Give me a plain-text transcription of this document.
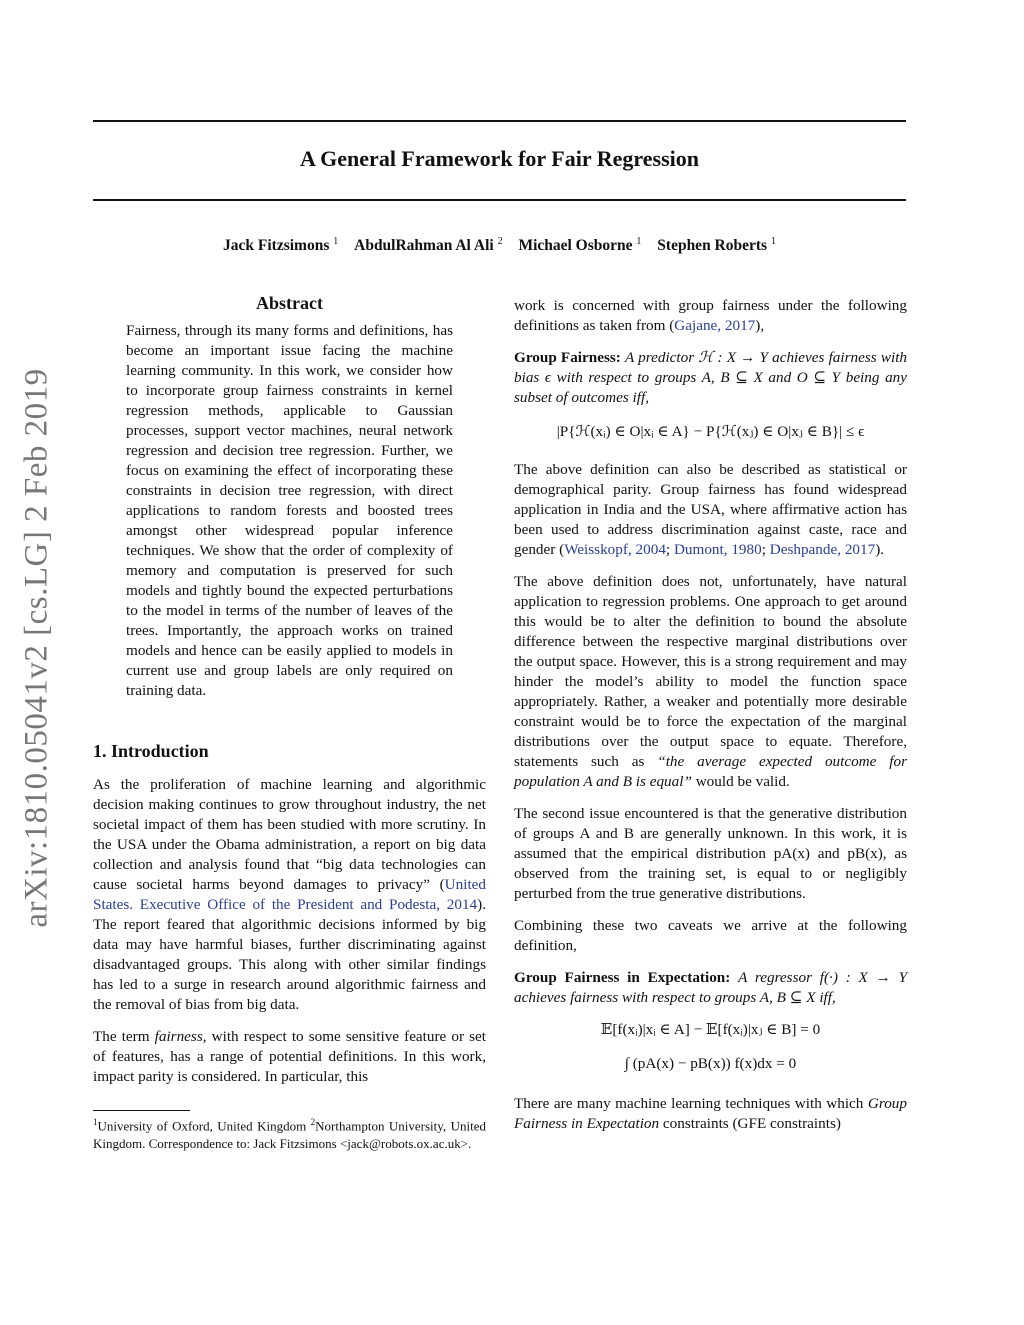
A General Framework for Fair Regression
Jack Fitzsimons $^1$ AbdulRahman Al Ali $^2$ Michael Osborne $^1$ Stephen Roberts $^1$
arXiv:1810.05041v2 [cs.LG] 2 Feb 2019
Abstract
Fairness, through its many forms and definitions, has become an important issue facing the machine learning community. In this work, we consider how to incorporate group fairness constraints in kernel regression methods, applicable to Gaussian processes, support vector machines, neural network regression and decision tree regression. Further, we focus on examining the effect of incorporating these constraints in decision tree regression, with direct applications to random forests and boosted trees amongst other widespread popular inference techniques. We show that the order of complexity of memory and computation is preserved for such models and tightly bound the expected perturbations to the model in terms of the number of leaves of the trees. Importantly, the approach works on trained models and hence can be easily applied to models in current use and group labels are only required on training data.
1. Introduction

As the proliferation of machine learning and algorithmic decision making continues to grow throughout industry, the net societal impact of them has been studied with more scrutiny. In the USA under the Obama administration, a report on big data collection and analysis found that “big data technologies can cause societal harms beyond damages to privacy” (United States. Executive Office of the President and Podesta, 2014). The report feared that algorithmic decisions informed by big data may have harmful biases, further discriminating against disadvantaged groups. This along with other similar findings has led to a surge in research around algorithmic fairness and the removal of bias from big data.

The term fairness, with respect to some sensitive feature or set of features, has a range of potential definitions. In this work, impact parity is considered. In particular, this

$^1$University of Oxford, United Kingdom $^2$Northampton University, United Kingdom. Correspondence to: Jack Fitzsimons <jack@robots.ox.ac.uk>.

work is concerned with group fairness under the following definitions as taken from (Gajane, 2017),

Group Fairness: A predictor ℋ : X → Y achieves fairness with bias ϵ with respect to groups A, B ⊆ X and O ⊆ Y being any subset of outcomes iff,

|P{ℋ(xᵢ) ∈ O|xᵢ ∈ A} − P{ℋ(xⱼ) ∈ O|xⱼ ∈ B}| ≤ ϵ

The above definition can also be described as statistical or demographical parity. Group fairness has found widespread application in India and the USA, where affirmative action has been used to address discrimination against caste, race and gender (Weisskopf, 2004; Dumont, 1980; Deshpande, 2017).

The above definition does not, unfortunately, have natural application to regression problems. One approach to get around this would be to alter the definition to bound the absolute difference between the respective marginal distributions over the output space. However, this is a strong requirement and may hinder the model’s ability to model the function space appropriately. Rather, a weaker and potentially more desirable constraint would be to force the expectation of the marginal distributions over the output space to equate. Therefore, statements such as “the average expected outcome for population A and B is equal” would be valid.

The second issue encountered is that the generative distribution of groups A and B are generally unknown. In this work, it is assumed that the empirical distribution pA(x) and pB(x), as observed from the training set, is equal to or negligibly perturbed from the true generative distributions.

Combining these two caveats we arrive at the following definition,

Group Fairness in Expectation: A regressor f(·) : X → Y achieves fairness with respect to groups A, B ⊆ X iff,

𝔼[f(xᵢ)|xᵢ ∈ A] − 𝔼[f(xᵢ)|xⱼ ∈ B] = 0
∫ (pA(x) − pB(x)) f(x)dx = 0

There are many machine learning techniques with which Group Fairness in Expectation constraints (GFE constraints)
